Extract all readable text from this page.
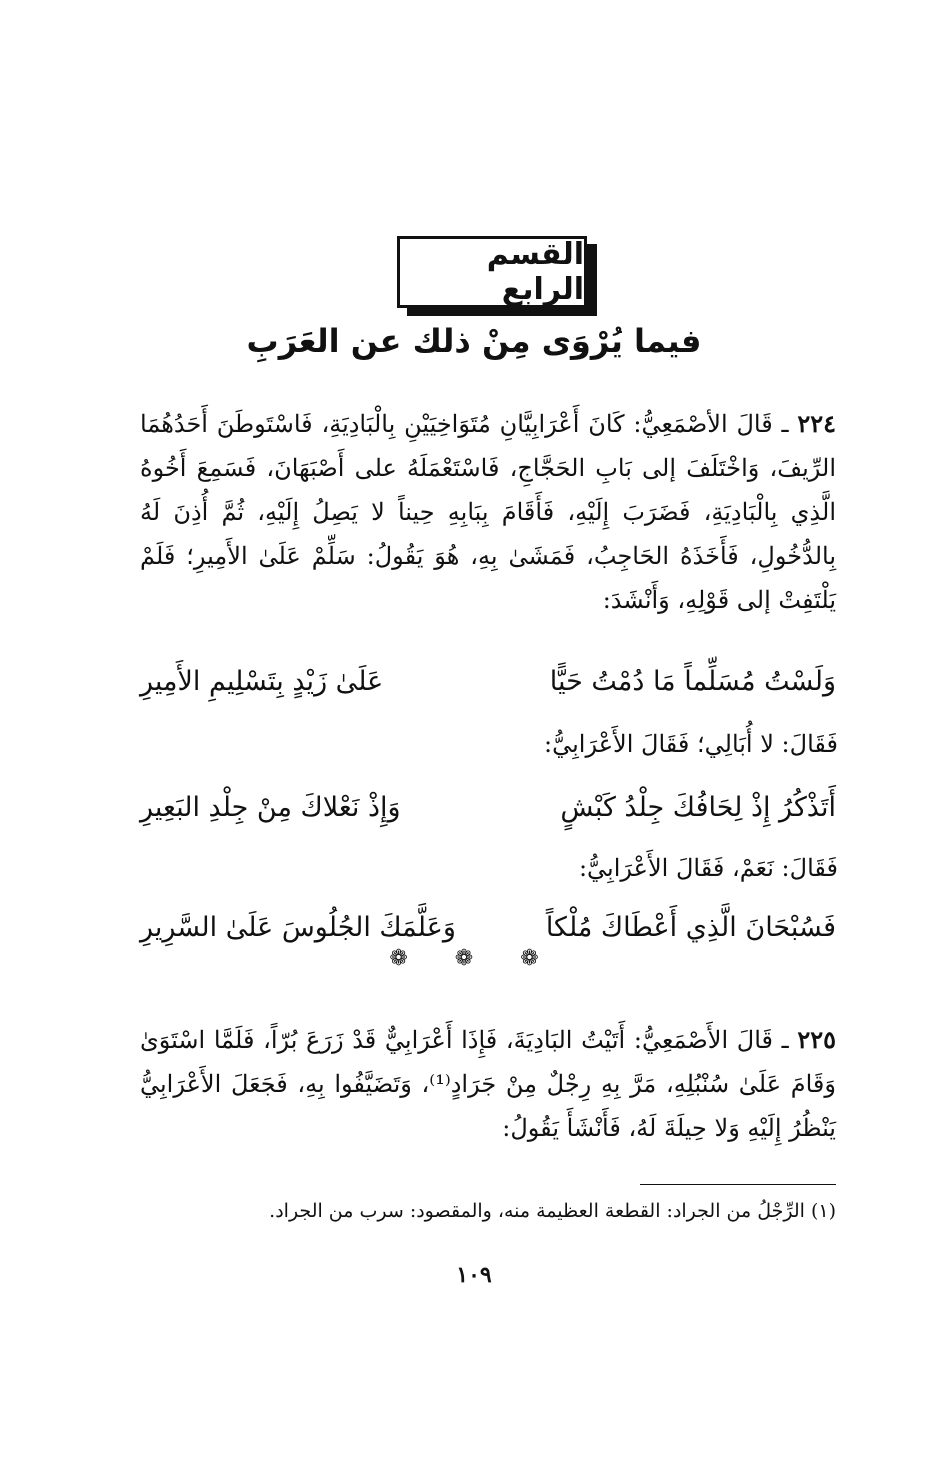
القسم الرابع
فيما يُرْوَى مِنْ ذلك عن العَرَبِ
٢٢٤ ـ قَالَ الأصْمَعِيُّ: كَانَ أَعْرَابِيَّانِ مُتَوَاخِيَيْنِ بِالْبَادِيَةِ، فَاسْتَوطَنَ أَحَدُهُمَا الرِّيفَ، وَاخْتَلَفَ إلى بَابِ الحَجَّاجِ، فَاسْتَعْمَلَهُ على أَصْبَهَانَ، فَسَمِعَ أَخُوهُ الَّذِي بِالْبَادِيَةِ، فَضَرَبَ إِلَيْهِ، فَأَقَامَ بِبَابِهِ حِيناً لا يَصِلُ إِلَيْهِ، ثُمَّ أُذِنَ لَهُ بِالدُّخُولِ، فَأَخَذَهُ الحَاجِبُ، فَمَشَىٰ بِهِ، هُوَ يَقُولُ: سَلِّمْ عَلَىٰ الأَمِيرِ؛ فَلَمْ يَلْتَفِتْ إلى قَوْلِهِ، وَأَنْشَدَ:
وَلَسْتُ مُسَلِّماً مَا دُمْتُ حَيًّا
عَلَىٰ زَيْدٍ بِتَسْلِيمِ الأَمِيرِ
فَقَالَ: لا أُبَالِي؛ فَقَالَ الأَعْرَابِيُّ:
أَتَذْكُرُ إِذْ لِحَافُكَ جِلْدُ كَبْشٍ
وَإِذْ نَعْلاكَ مِنْ جِلْدِ البَعِيرِ
فَقَالَ: نَعَمْ، فَقَالَ الأَعْرَابِيُّ:
فَسُبْحَانَ الَّذِي أَعْطَاكَ مُلْكاً
وَعَلَّمَكَ الجُلُوسَ عَلَىٰ السَّرِيرِ
❁ ❁ ❁
٢٢٥ ـ قَالَ الأَصْمَعِيُّ: أَتَيْتُ البَادِيَةَ، فَإِذَا أَعْرَابِيٌّ قَدْ زَرَعَ بُرّاً، فَلَمَّا اسْتَوَىٰ وَقَامَ عَلَىٰ سُنْبُلِهِ، مَرَّ بِهِ رِجْلٌ مِنْ جَرَادٍ⁽¹⁾، وَتَضَيَّفُوا بِهِ، فَجَعَلَ الأَعْرَابِيُّ يَنْظُرُ إِلَيْهِ وَلا حِيلَةَ لَهُ، فَأَنْشَأَ يَقُولُ:
(١) الرِّجْلُ من الجراد: القطعة العظيمة منه، والمقصود: سرب من الجراد.
١٠٩
